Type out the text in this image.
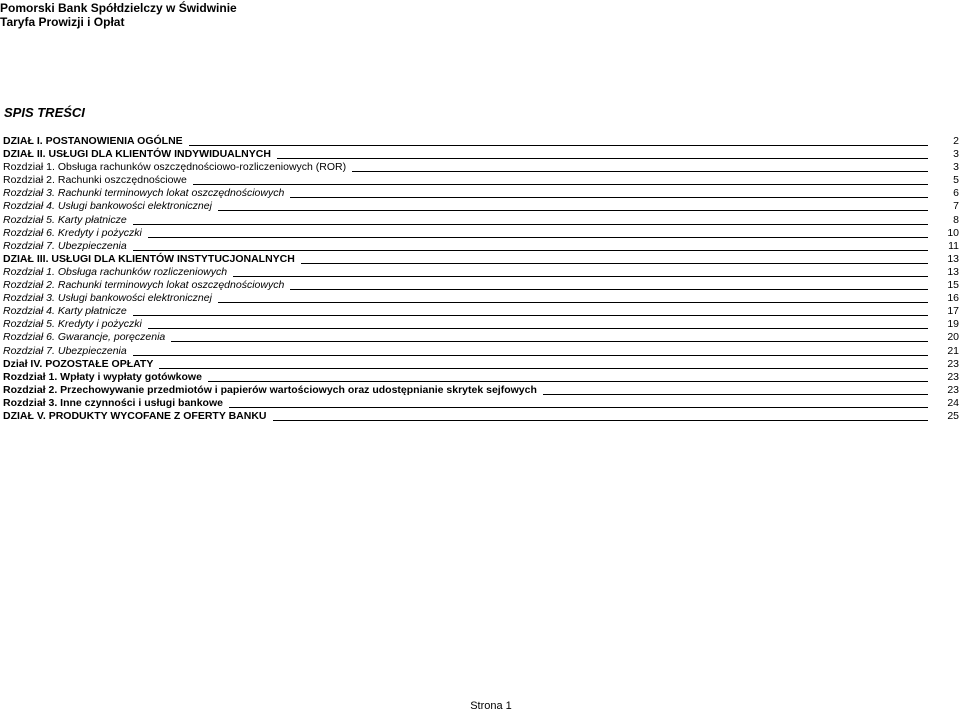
Pomorski Bank Spółdzielczy w Świdwinie
Taryfa Prowizji i Opłat
SPIS TREŚCI
DZIAŁ I. POSTANOWIENIA OGÓLNE	2
DZIAŁ II. USŁUGI DLA KLIENTÓW INDYWIDUALNYCH	3
Rozdział 1. Obsługa rachunków oszczędnościowo-rozliczeniowych (ROR)	3
Rozdział 2. Rachunki oszczędnościowe	5
Rozdział 3. Rachunki terminowych lokat oszczędnościowych	6
Rozdział 4. Usługi bankowości elektronicznej	7
Rozdział 5. Karty płatnicze	8
Rozdział 6. Kredyty i pożyczki	10
Rozdział 7. Ubezpieczenia	11
DZIAŁ III. USŁUGI DLA KLIENTÓW INSTYTUCJONALNYCH	13
Rozdział 1. Obsługa rachunków rozliczeniowych	13
Rozdział 2. Rachunki terminowych lokat oszczędnościowych	15
Rozdział 3. Usługi bankowości elektronicznej	16
Rozdział 4. Karty płatnicze	17
Rozdział 5. Kredyty i pożyczki	19
Rozdział 6. Gwarancje, poręczenia	20
Rozdział 7. Ubezpieczenia	21
Dział IV. POZOSTAŁE OPŁATY	23
Rozdział 1. Wpłaty i wypłaty gotówkowe	23
Rozdział 2. Przechowywanie przedmiotów i papierów wartościowych oraz udostępnianie skrytek sejfowych	23
Rozdział 3. Inne czynności i usługi bankowe	24
DZIAŁ V. PRODUKTY WYCOFANE Z OFERTY BANKU	25
Strona 1
